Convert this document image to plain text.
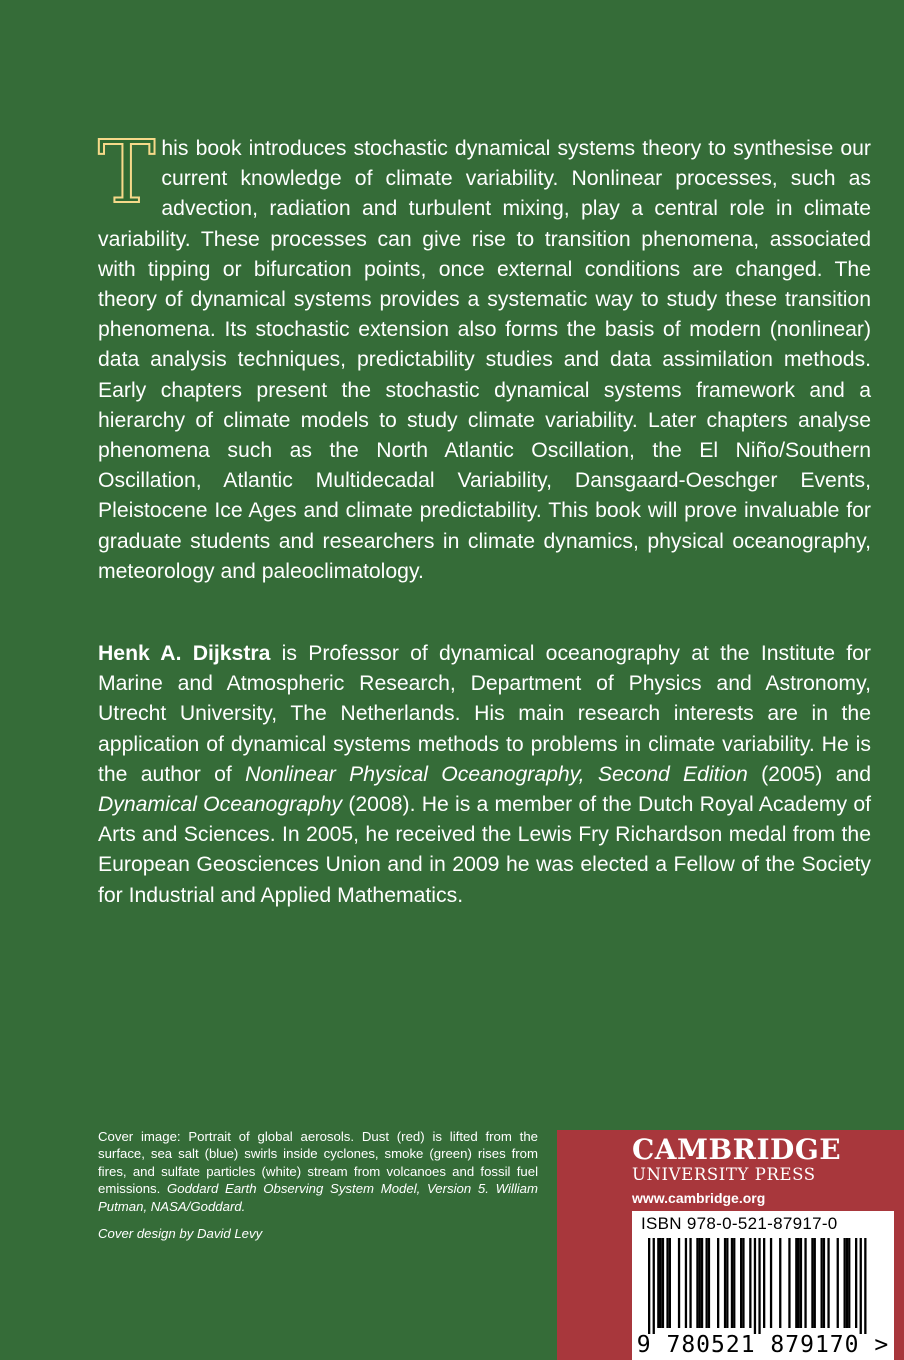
This book introduces stochastic dynamical systems theory to synthesise our current knowledge of climate variability. Nonlinear processes, such as advection, radiation and turbulent mixing, play a central role in climate variability. These processes can give rise to transition phenomena, associated with tipping or bifurcation points, once external conditions are changed. The theory of dynamical systems provides a systematic way to study these transition phenomena. Its stochastic extension also forms the basis of modern (nonlinear) data analysis techniques, predictability studies and data assimilation methods. Early chapters present the stochastic dynamical systems framework and a hierarchy of climate models to study climate variability. Later chapters analyse phenomena such as the North Atlantic Oscillation, the El Niño/Southern Oscillation, Atlantic Multidecadal Variability, Dansgaard-Oeschger Events, Pleistocene Ice Ages and climate predictability. This book will prove invaluable for graduate students and researchers in climate dynamics, physical oceanography, meteorology and paleoclimatology.

Henk A. Dijkstra is Professor of dynamical oceanography at the Institute for Marine and Atmospheric Research, Department of Physics and Astronomy, Utrecht University, The Netherlands. His main research interests are in the application of dynamical systems methods to problems in climate variability. He is the author of Nonlinear Physical Oceanography, Second Edition (2005) and Dynamical Oceanography (2008). He is a member of the Dutch Royal Academy of Arts and Sciences. In 2005, he received the Lewis Fry Richardson medal from the European Geosciences Union and in 2009 he was elected a Fellow of the Society for Industrial and Applied Mathematics.

Cover image: Portrait of global aerosols. Dust (red) is lifted from the surface, sea salt (blue) swirls inside cyclones, smoke (green) rises from fires, and sulfate particles (white) stream from volcanoes and fossil fuel emissions. Goddard Earth Observing System Model, Version 5. William Putman, NASA/Goddard.

Cover design by David Levy

CAMBRIDGE
UNIVERSITY PRESS
www.cambridge.org
ISBN 978-0-521-87917-0
9 780521 879170 >
